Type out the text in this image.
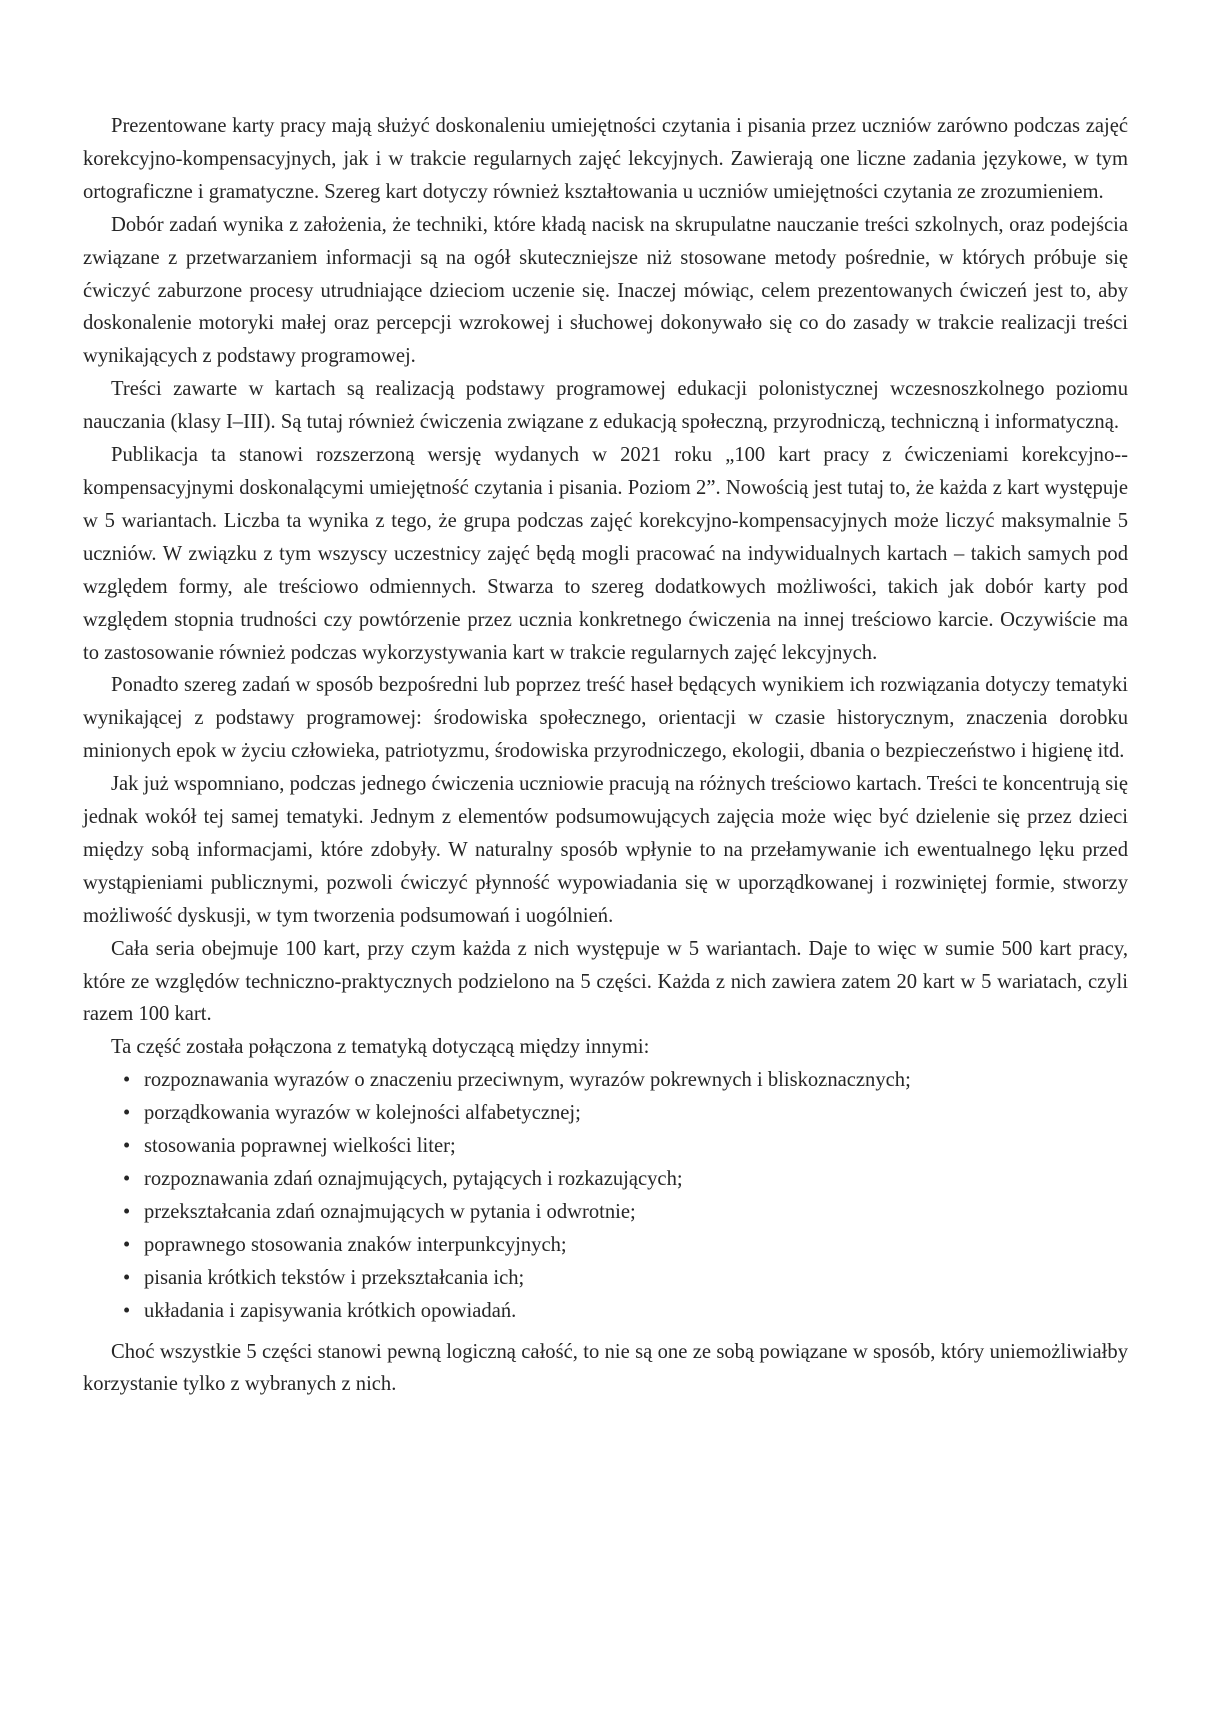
Prezentowane karty pracy mają służyć doskonaleniu umiejętności czytania i pisania przez uczniów zarówno podczas zajęć korekcyjno-kompensacyjnych, jak i w trakcie regularnych zajęć lekcyjnych. Zawierają one liczne zadania językowe, w tym ortograficzne i gramatyczne. Szereg kart dotyczy również kształtowania u uczniów umiejętności czytania ze zrozumieniem.

Dobór zadań wynika z założenia, że techniki, które kładą nacisk na skrupulatne nauczanie treści szkolnych, oraz podejścia związane z przetwarzaniem informacji są na ogół skuteczniejsze niż stosowane metody pośrednie, w których próbuje się ćwiczyć zaburzone procesy utrudniające dzieciom uczenie się. Inaczej mówiąc, celem prezentowanych ćwiczeń jest to, aby doskonalenie motoryki małej oraz percepcji wzrokowej i słuchowej dokonywało się co do zasady w trakcie realizacji treści wynikających z podstawy programowej.

Treści zawarte w kartach są realizacją podstawy programowej edukacji polonistycznej wczesnoszkolnego poziomu nauczania (klasy I–III). Są tutaj również ćwiczenia związane z edukacją społeczną, przyrodniczą, techniczną i informatyczną.

Publikacja ta stanowi rozszerzoną wersję wydanych w 2021 roku „100 kart pracy z ćwiczeniami korekcyjno--kompensacyjnymi doskonalącymi umiejętność czytania i pisania. Poziom 2”. Nowością jest tutaj to, że każda z kart występuje w 5 wariantach. Liczba ta wynika z tego, że grupa podczas zajęć korekcyjno-kompensacyjnych może liczyć maksymalnie 5 uczniów. W związku z tym wszyscy uczestnicy zajęć będą mogli pracować na indywidualnych kartach – takich samych pod względem formy, ale treściowo odmiennych. Stwarza to szereg dodatkowych możliwości, takich jak dobór karty pod względem stopnia trudności czy powtórzenie przez ucznia konkretnego ćwiczenia na innej treściowo karcie. Oczywiście ma to zastosowanie również podczas wykorzystywania kart w trakcie regularnych zajęć lekcyjnych.

Ponadto szereg zadań w sposób bezpośredni lub poprzez treść haseł będących wynikiem ich rozwiązania dotyczy tematyki wynikającej z podstawy programowej: środowiska społecznego, orientacji w czasie historycznym, znaczenia dorobku minionych epok w życiu człowieka, patriotyzmu, środowiska przyrodniczego, ekologii, dbania o bezpieczeństwo i higienę itd.

Jak już wspomniano, podczas jednego ćwiczenia uczniowie pracują na różnych treściowo kartach. Treści te koncentrują się jednak wokół tej samej tematyki. Jednym z elementów podsumowujących zajęcia może więc być dzielenie się przez dzieci między sobą informacjami, które zdobyły. W naturalny sposób wpłynie to na przełamywanie ich ewentualnego lęku przed wystąpieniami publicznymi, pozwoli ćwiczyć płynność wypowiadania się w uporządkowanej i rozwiniętej formie, stworzy możliwość dyskusji, w tym tworzenia podsumowań i uogólnień.

Cała seria obejmuje 100 kart, przy czym każda z nich występuje w 5 wariantach. Daje to więc w sumie 500 kart pracy, które ze względów techniczno-praktycznych podzielono na 5 części. Każda z nich zawiera zatem 20 kart w 5 wariatach, czyli razem 100 kart.

Ta część została połączona z tematyką dotyczącą między innymi:

• rozpoznawania wyrazów o znaczeniu przeciwnym, wyrazów pokrewnych i bliskoznacznych;
• porządkowania wyrazów w kolejności alfabetycznej;
• stosowania poprawnej wielkości liter;
• rozpoznawania zdań oznajmujących, pytających i rozkazujących;
• przekształcania zdań oznajmujących w pytania i odwrotnie;
• poprawnego stosowania znaków interpunkcyjnych;
• pisania krótkich tekstów i przekształcania ich;
• układania i zapisywania krótkich opowiadań.

Choć wszystkie 5 części stanowi pewną logiczną całość, to nie są one ze sobą powiązane w sposób, który uniemożliwiałby korzystanie tylko z wybranych z nich.
